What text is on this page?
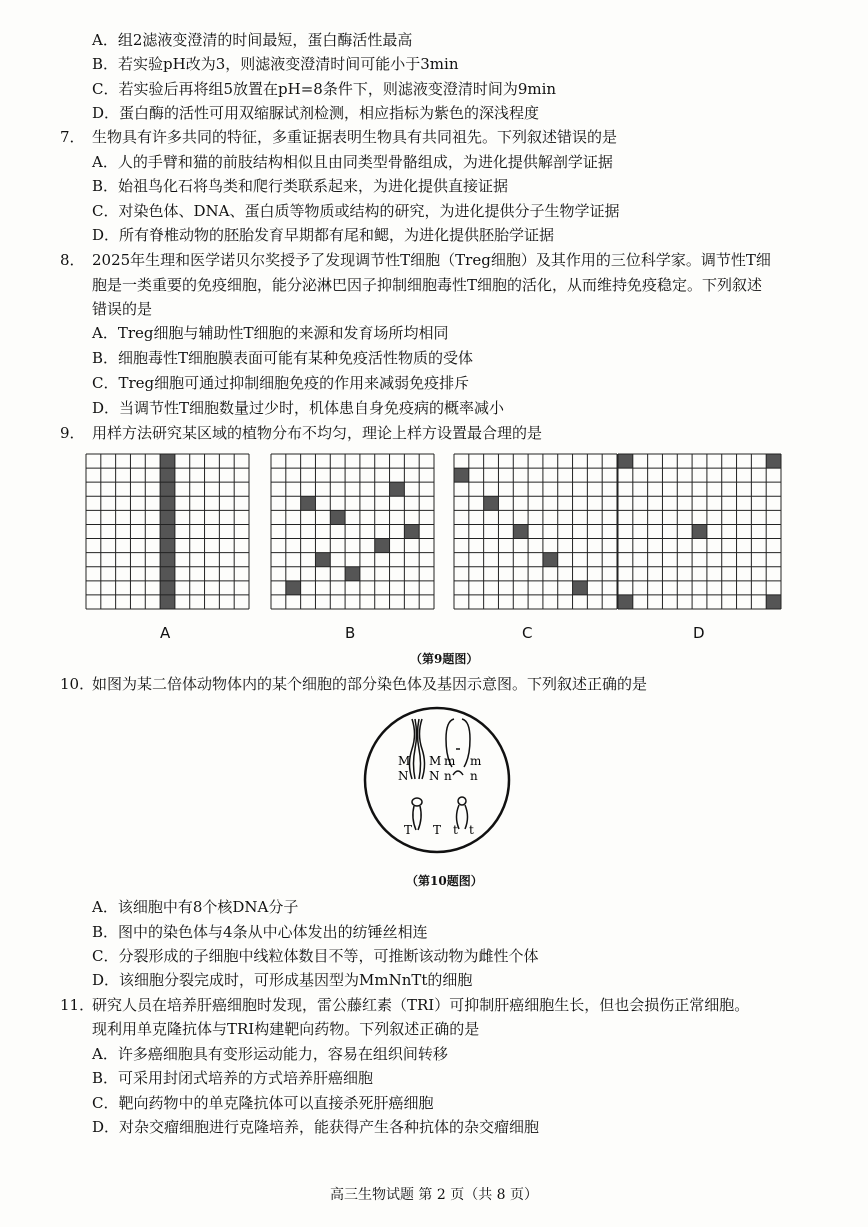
A．组2滤液变澄清的时间最短，蛋白酶活性最高
B．若实验pH改为3，则滤液变澄清时间可能小于3min
C．若实验后再将组5放置在pH=8条件下，则滤液变澄清时间为9min
D．蛋白酶的活性可用双缩脲试剂检测，相应指标为紫色的深浅程度
7． 生物具有许多共同的特征，多重证据表明生物具有共同祖先。下列叙述错误的是
A．人的手臂和猫的前肢结构相似且由同类型骨骼组成，为进化提供解剖学证据
B．始祖鸟化石将鸟类和爬行类联系起来，为进化提供直接证据
C．对染色体、DNA、蛋白质等物质或结构的研究，为进化提供分子生物学证据
D．所有脊椎动物的胚胎发育早期都有尾和鳃，为进化提供胚胎学证据
8． 2025年生理和医学诺贝尔奖授予了发现调节性T细胞（Treg细胞）及其作用的三位科学家。调节性T细
胞是一类重要的免疫细胞，能分泌淋巴因子抑制细胞毒性T细胞的活化，从而维持免疫稳定。下列叙述
错误的是
A．Treg细胞与辅助性T细胞的来源和发育场所均相同
B．细胞毒性T细胞膜表面可能有某种免疫活性物质的受体
C．Treg细胞可通过抑制细胞免疫的作用来减弱免疫排斥
D．当调节性T细胞数量过少时，机体患自身免疫病的概率减小
9． 用样方法研究某区域的植物分布不均匀，理论上样方设置最合理的是
A	B	C	D
（第9题图）
10．
如图为某二倍体动物体内的某个细胞的部分染色体及基因示意图。下列叙述正确的是
M
N
M
N
m
n
m
n
T T t t
（第10题图）
A．该细胞中有8个核DNA分子
B．图中的染色体与4条从中心体发出的纺锤丝相连
C．分裂形成的子细胞中线粒体数目不等，可推断该动物为雌性个体
D．该细胞分裂完成时，可形成基因型为MmNnTt的细胞
11．
研究人员在培养肝癌细胞时发现，雷公藤红素（TRI）可抑制肝癌细胞生长，但也会损伤正常细胞。
现利用单克隆抗体与TRI构建靶向药物。下列叙述正确的是
A．许多癌细胞具有变形运动能力，容易在组织间转移
B．可采用封闭式培养的方式培养肝癌细胞
C．靶向药物中的单克隆抗体可以直接杀死肝癌细胞
D．对杂交瘤细胞进行克隆培养，能获得产生各种抗体的杂交瘤细胞
高三生物试题 第 2 页（共 8 页）
